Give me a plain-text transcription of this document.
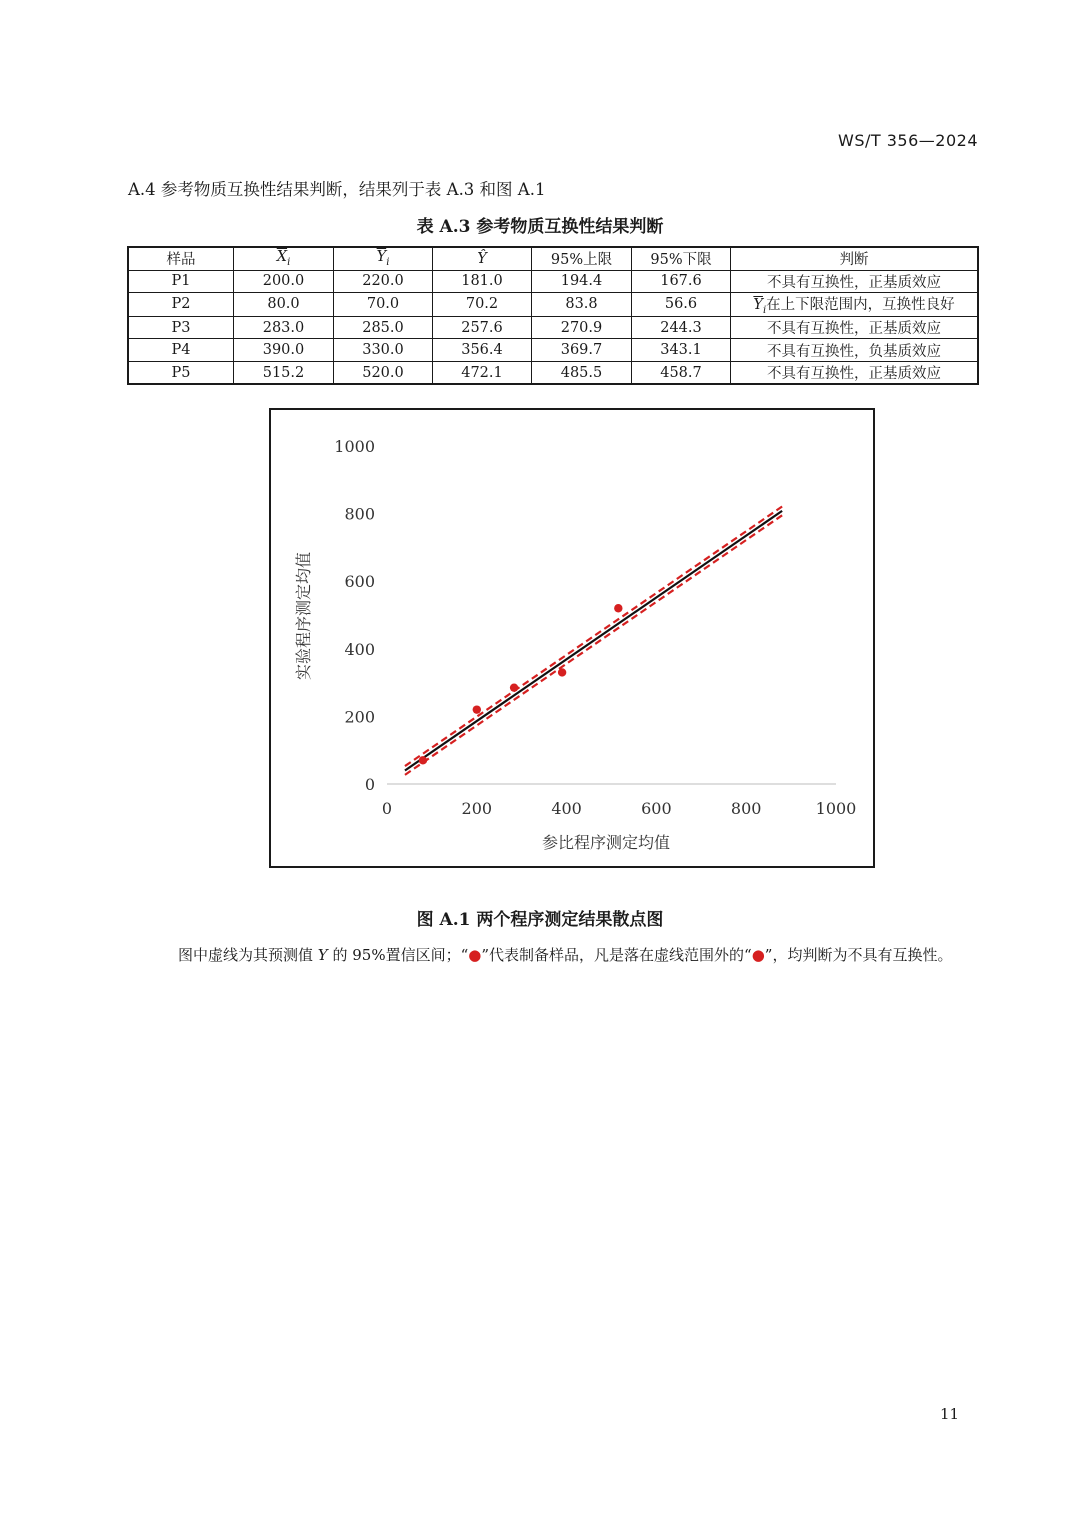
WS/T 356—2024
A.4 参考物质互换性结果判断，结果列于表 A.3 和图 A.1
表 A.3 参考物质互换性结果判断
样品	$\overline{X}_i$	$\overline{Y}_i$	Ŷ	95%上限	95%下限	判断
P1	200.0	220.0	181.0	194.4	167.6	不具有互换性，正基质效应
P2	80.0	70.0	70.2	83.8	56.6	$\overline{Y}_i$在上下限范围内，互换性良好
P3	283.0	285.0	257.6	270.9	244.3	不具有互换性，正基质效应
P4	390.0	330.0	356.4	369.7	343.1	不具有互换性，负基质效应
P5	515.2	520.0	472.1	485.5	458.7	不具有互换性，正基质效应
参比程序测定均值
实验程序测定均值
0	200	400	600	800	1000
0
200
400
600
800
1000
图 A.1 两个程序测定结果散点图
图中虚线为其预测值 Y 的 95%置信区间；“●”代表制备样品，凡是落在虚线范围外的“●”，均判断为不具有互换性。
11
